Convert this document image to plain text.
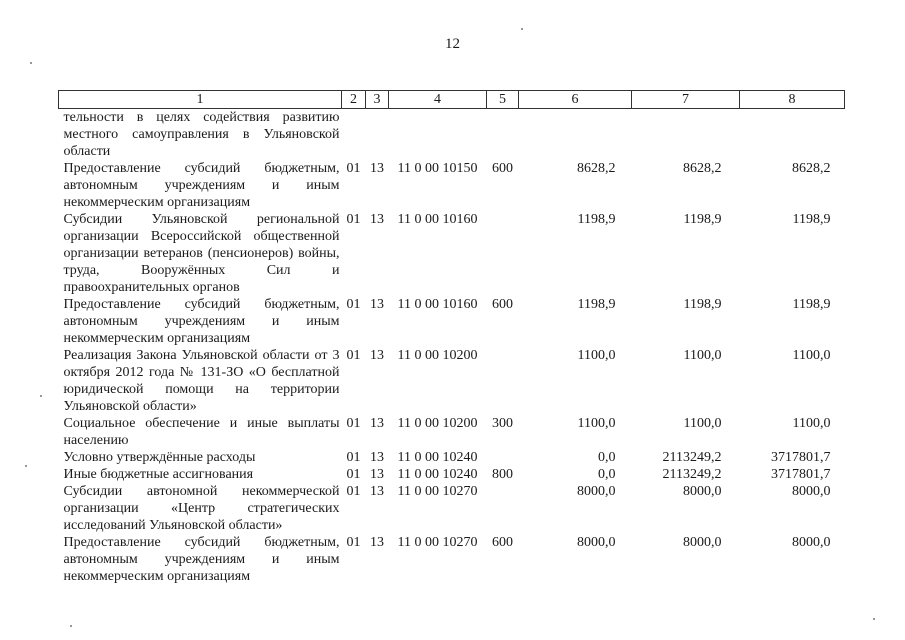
12
1	2	3	4	5	6	7	8
тельности в целях содействия развитию местного самоуправления в Ульяновской области							
Предоставление субсидий бюджетным, автономным учреждениям и иным некоммерческим организациям	01	13	11 0 00 10150	600	8628,2	8628,2	8628,2
Субсидии Ульяновской региональной организации Всероссийской общественной организации ветеранов (пенсионеров) войны, труда, Вооружённых Сил и правоохранительных органов	01	13	11 0 00 10160		1198,9	1198,9	1198,9
Предоставление субсидий бюджетным, автономным учреждениям и иным некоммерческим организациям	01	13	11 0 00 10160	600	1198,9	1198,9	1198,9
Реализация Закона Ульяновской области от 3 октября 2012 года № 131-ЗО «О бесплатной юридической помощи на территории Ульяновской области»	01	13	11 0 00 10200		1100,0	1100,0	1100,0
Социальное обеспечение и иные выплаты населению	01	13	11 0 00 10200	300	1100,0	1100,0	1100,0
Условно утверждённые расходы	01	13	11 0 00 10240		0,0	2113249,2	3717801,7
Иные бюджетные ассигнования	01	13	11 0 00 10240	800	0,0	2113249,2	3717801,7
Субсидии автономной некоммерческой организации «Центр стратегических исследований Ульяновской области»	01	13	11 0 00 10270		8000,0	8000,0	8000,0
Предоставление субсидий бюджетным, автономным учреждениям и иным некоммерческим организациям	01	13	11 0 00 10270	600	8000,0	8000,0	8000,0
